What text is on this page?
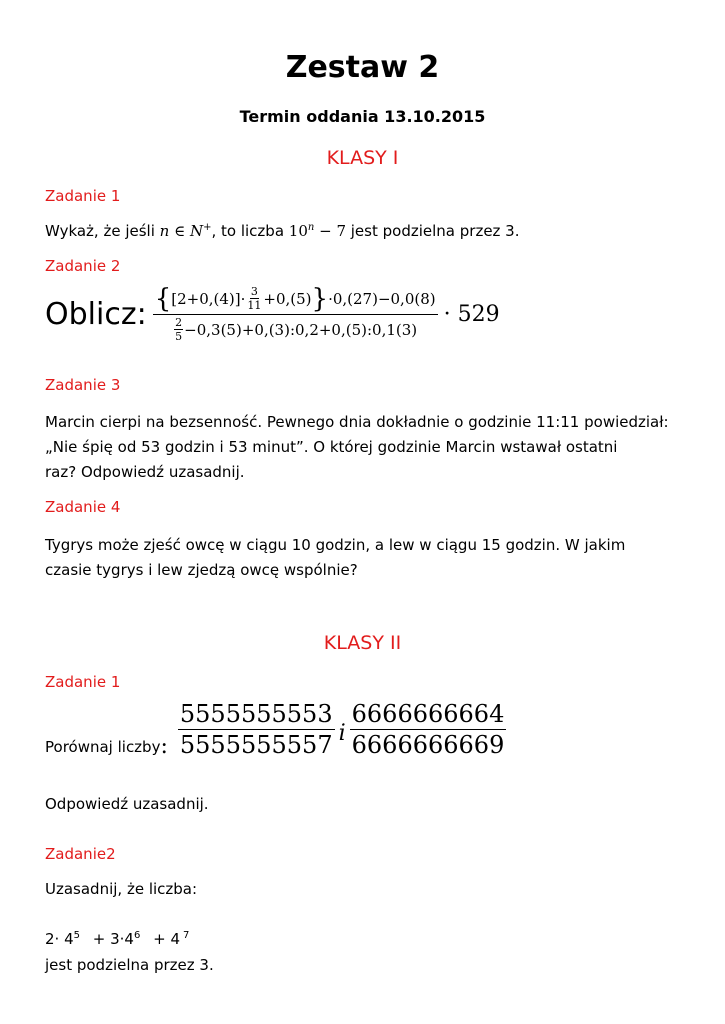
Zestaw 2
Termin oddania 13.10.2015
KLASY I
Zadanie 1
Wykaż, że jeśli n ∈ N+, to liczba $10^n - 7$ jest podzielna przez 3.
Zadanie 2
Oblicz: { $[2+0,(4)]\cdot \frac{3}{11} +0,(5)$ } ·0,(27)−0,0(8)
$\frac{2}{5}$ −0,3(5)+0,(3):0,2+0,(5):0,1(3)
· 529
Zadanie 3
Marcin cierpi na bezsenność. Pewnego dnia dokładnie o godzinie 11:11 powiedział:
„Nie śpię od 53 godzin i 53 minut”. O której godzinie Marcin wstawał ostatni
raz? Odpowiedź uzasadnij.
Zadanie 4
Tygrys może zjeść owcę w ciągu 10 godzin, a lew w ciągu 15 godzin. W jakim
czasie tygrys i lew zjedzą owcę wspólnie?
KLASY II
Zadanie 1
Porównaj liczby : $\frac{5555555553}{5555555557}$ i $\frac{6666666664}{6666666669}$
Odpowiedź uzasadnij.
Zadanie2
Uzasadnij, że liczba:
$2\cdot 4^5 + 3\cdot 4^6 + 4$ $^7$
jest podzielna przez 3.
